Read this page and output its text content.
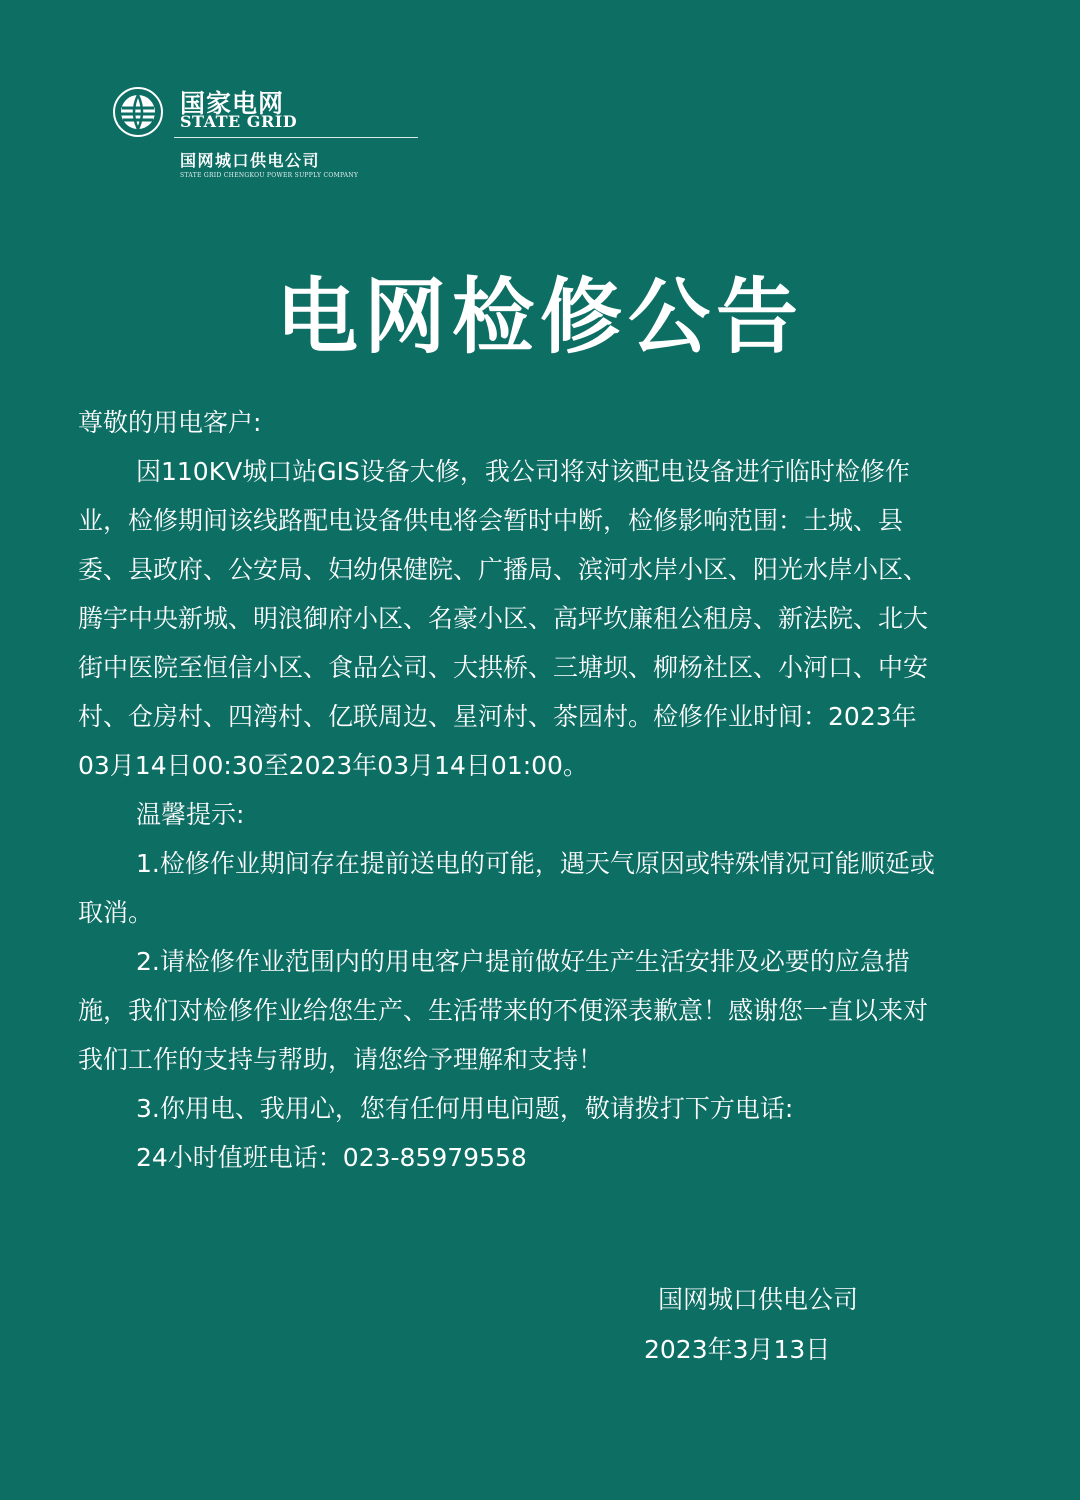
国家电网
STATE GRID
国网城口供电公司
STATE GRID CHENGKOU POWER SUPPLY COMPANY
电网检修公告

尊敬的用电客户:

因110KV城口站GIS设备大修，我公司将对该配电设备进行临时检修作业，检修期间该线路配电设备供电将会暂时中断，检修影响范围：土城、县委、县政府、公安局、妇幼保健院、广播局、滨河水岸小区、阳光水岸小区、腾宇中央新城、明浪御府小区、名豪小区、高坪坎廉租公租房、新法院、北大街中医院至恒信小区、食品公司、大拱桥、三塘坝、柳杨社区、小河口、中安村、仓房村、四湾村、亿联周边、星河村、茶园村。检修作业时间：2023年03月14日00:30至2023年03月14日01:00。

温馨提示:

1.检修作业期间存在提前送电的可能，遇天气原因或特殊情况可能顺延或取消。

2.请检修作业范围内的用电客户提前做好生产生活安排及必要的应急措施，我们对检修作业给您生产、生活带来的不便深表歉意！感谢您一直以来对我们工作的支持与帮助，请您给予理解和支持！

3.你用电、我用心，您有任何用电问题，敬请拨打下方电话:

24小时值班电话：023-85979558

国网城口供电公司
2023年3月13日
